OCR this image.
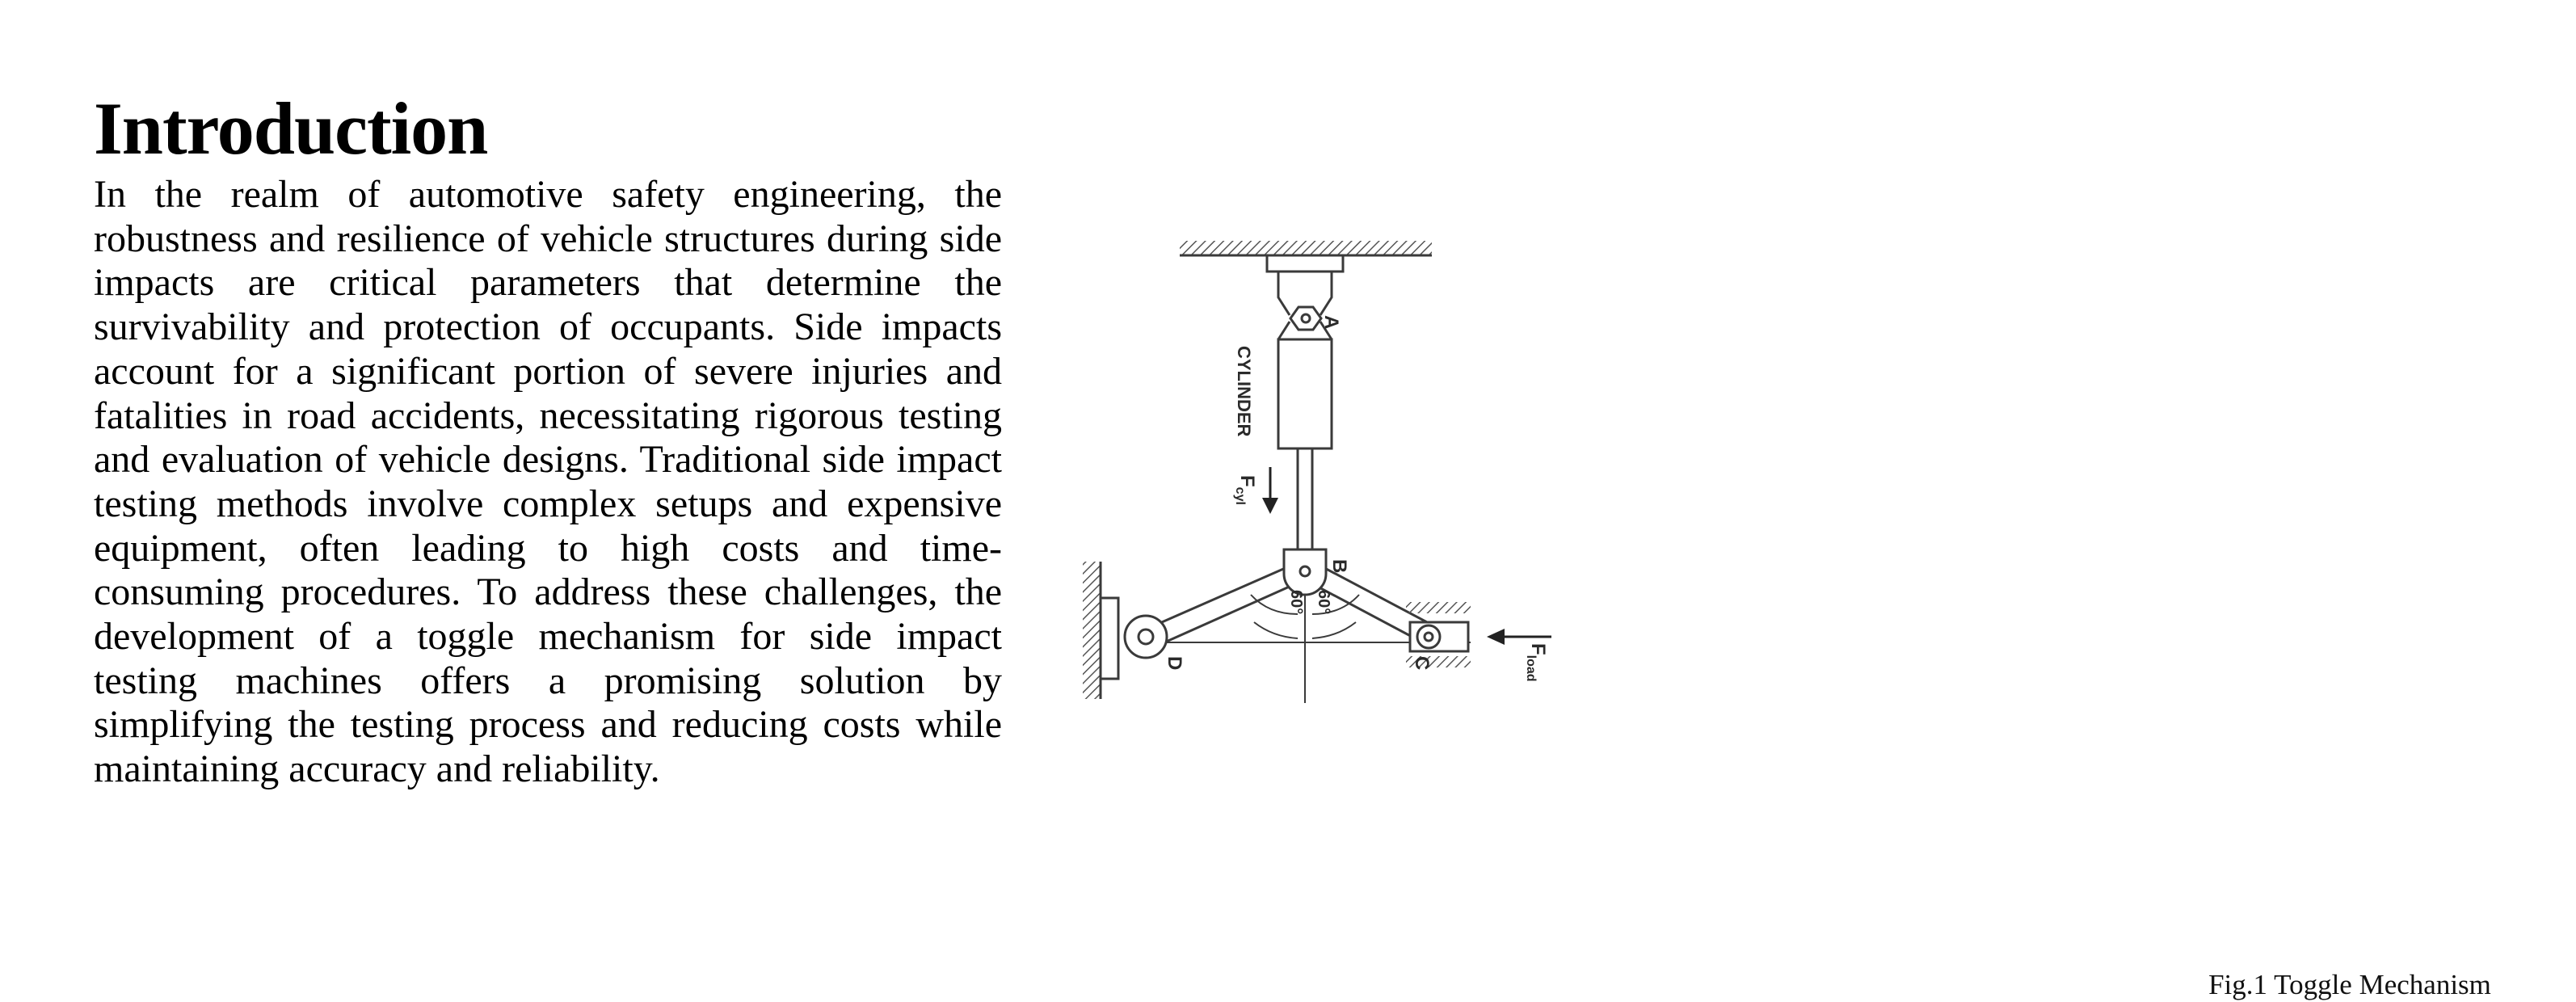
Introduction

In the realm of automotive safety engineering, the robustness and resilience of vehicle structures during side impacts are critical parameters that determine the survivability and protection of occupants. Side impacts account for a significant portion of severe injuries and fatalities in road accidents, necessitating rigorous testing and evaluation of vehicle designs. Traditional side impact testing methods involve complex setups and expensive equipment, often leading to high costs and time-consuming procedures. To address these challenges, the development of a toggle mechanism for side impact testing machines offers a promising solution by simplifying the testing process and reducing costs while maintaining accuracy and reliability.

CYLINDER
A
B
C
D
60° 60°
$F_{cyl}$
$F_{load}$
Fig.1 Toggle Mechanism
